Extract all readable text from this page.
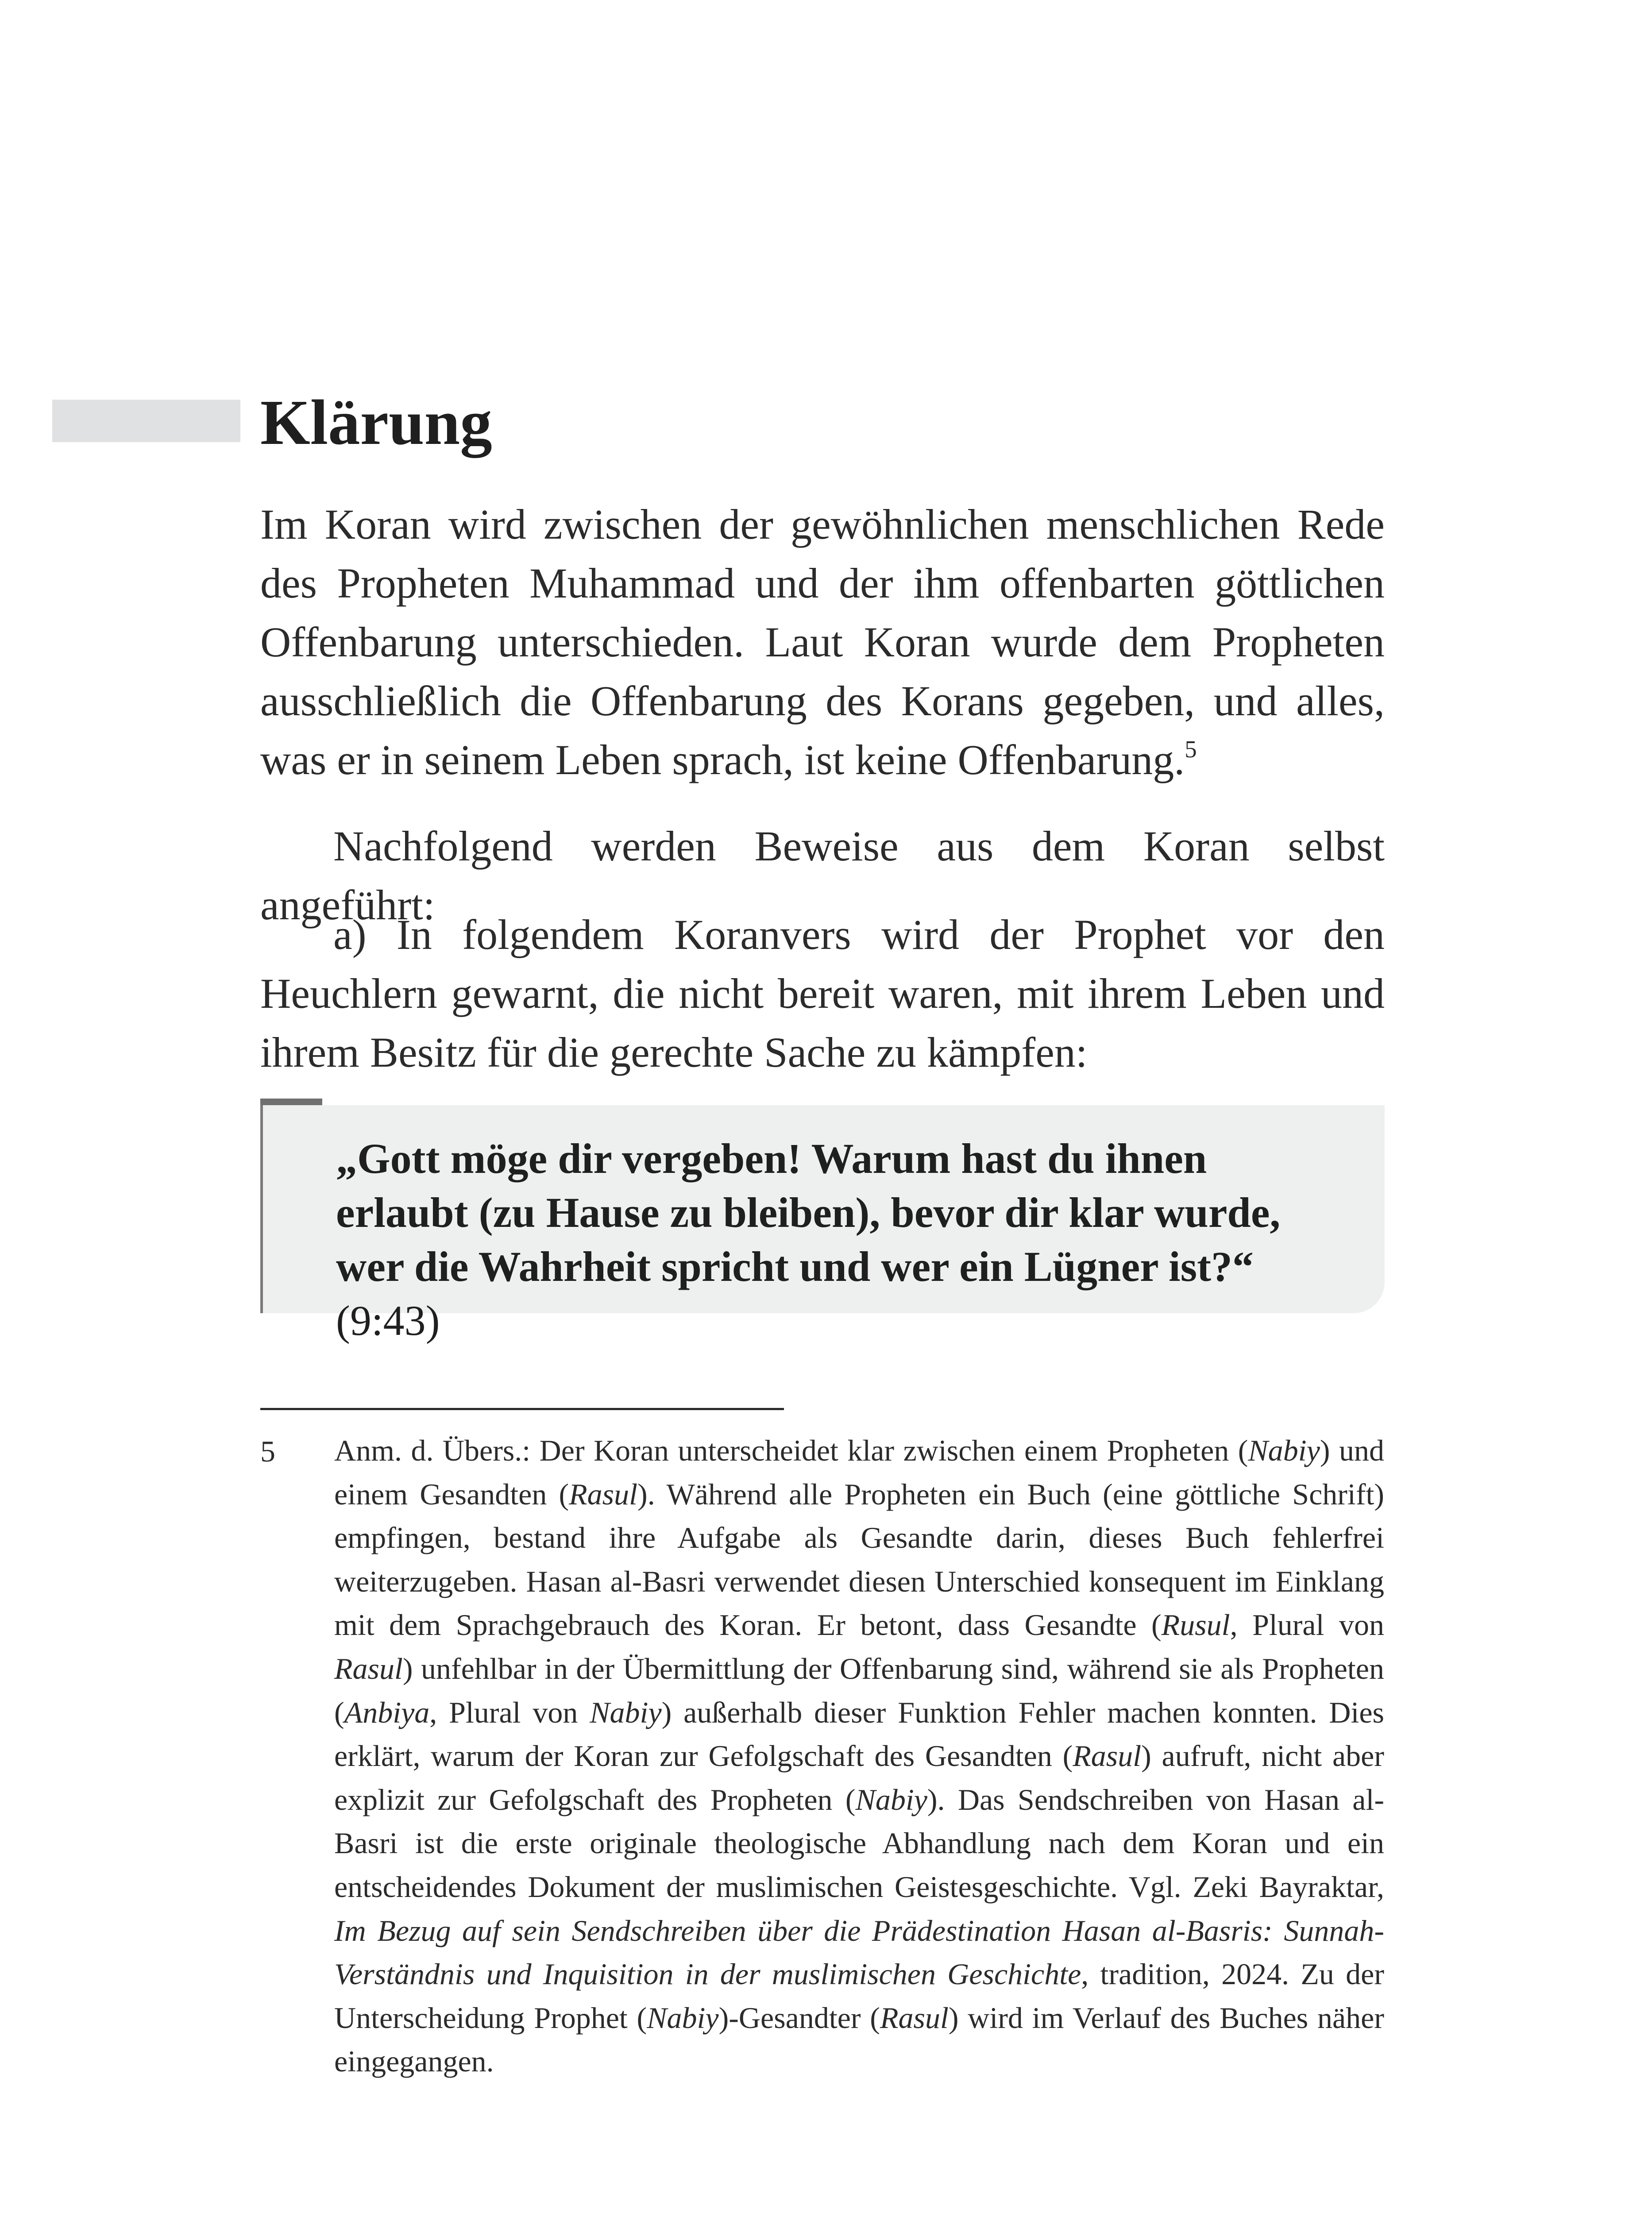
Klärung

Im Koran wird zwischen der gewöhnlichen menschlichen Rede des Propheten Muhammad und der ihm offenbarten göttlichen Offenbarung unterschieden. Laut Koran wurde dem Propheten ausschließlich die Offenbarung des Korans gegeben, und alles, was er in seinem Leben sprach, ist keine Offenbarung.$^5$

Nachfolgend werden Beweise aus dem Koran selbst angeführt:

a) In folgendem Koranvers wird der Prophet vor den Heuchlern gewarnt, die nicht bereit waren, mit ihrem Leben und ihrem Besitz für die gerechte Sache zu kämpfen:

„Gott möge dir vergeben! Warum hast du ihnen erlaubt (zu Hause zu bleiben), bevor dir klar wurde, wer die Wahrheit spricht und wer ein Lügner ist?“ (9:43)

5 Anm. d. Übers.: Der Koran unterscheidet klar zwischen einem Propheten (Nabiy) und einem Gesandten (Rasul). Während alle Propheten ein Buch (eine göttliche Schrift) empfingen, bestand ihre Aufgabe als Gesandte darin, dieses Buch fehlerfrei weiterzugeben. Hasan al-Basri verwendet diesen Unterschied konsequent im Einklang mit dem Sprachgebrauch des Koran. Er betont, dass Gesandte (Rusul, Plural von Rasul) unfehlbar in der Übermittlung der Offenbarung sind, während sie als Propheten (Anbiya, Plural von Nabiy) außerhalb dieser Funktion Fehler machen konnten. Dies erklärt, warum der Koran zur Gefolgschaft des Gesandten (Rasul) aufruft, nicht aber explizit zur Gefolgschaft des Propheten (Nabiy). Das Sendschreiben von Hasan al-Basri ist die erste originale theologische Abhandlung nach dem Koran und ein entscheidendes Dokument der muslimischen Geistesgeschichte. Vgl. Zeki Bayraktar, Im Bezug auf sein Sendschreiben über die Prädestination Hasan al-Basris: Sunnah-Verständnis und Inquisition in der muslimischen Geschichte, tradition, 2024. Zu der Unterscheidung Prophet (Nabiy)-Gesandter (Rasul) wird im Verlauf des Buches näher eingegangen.
